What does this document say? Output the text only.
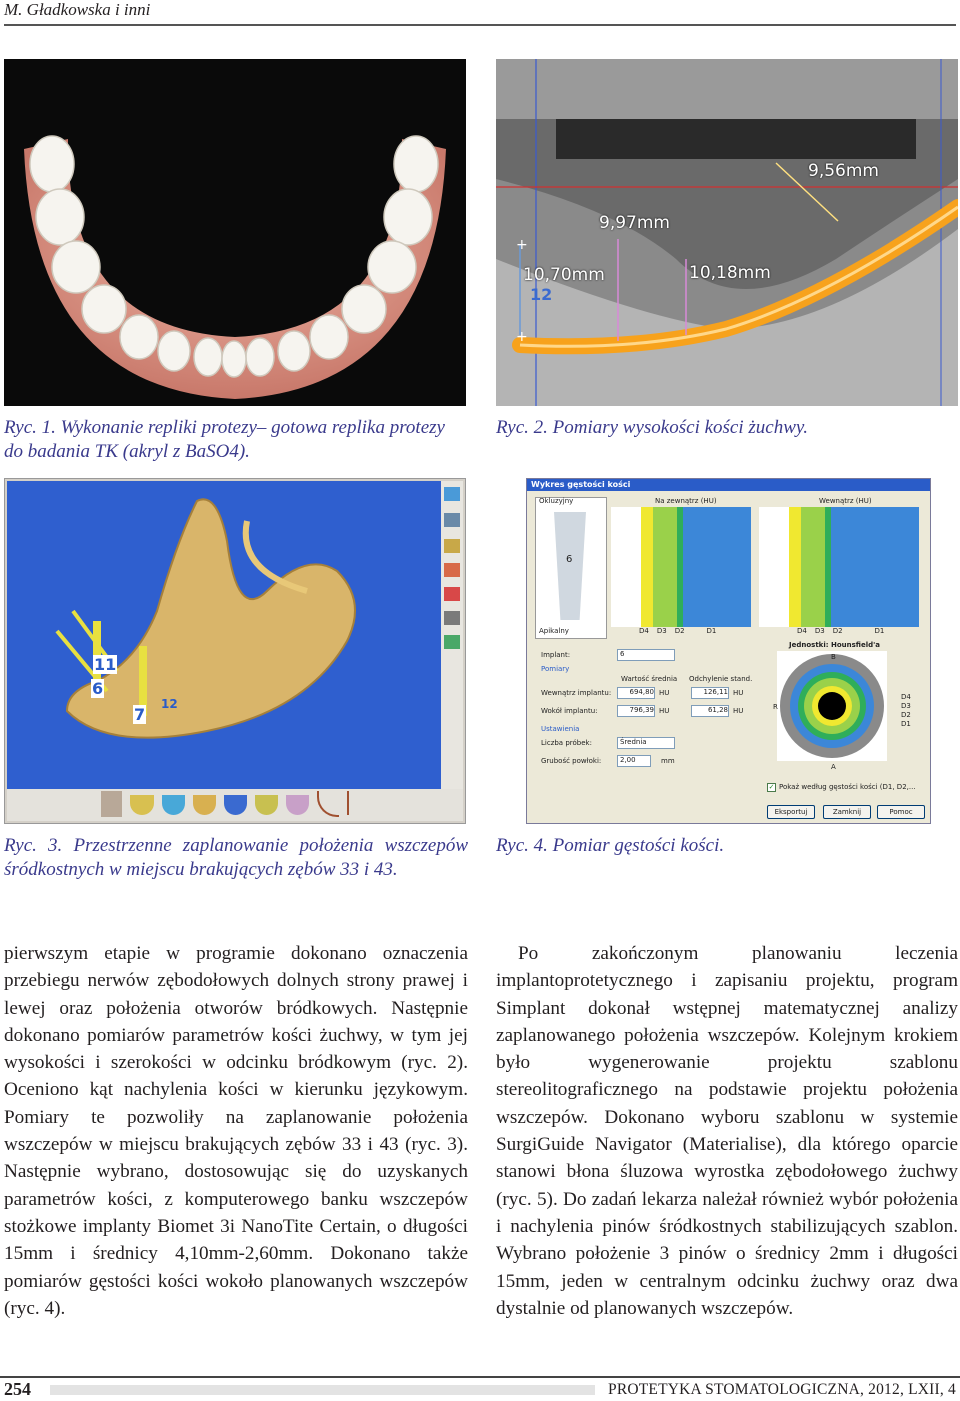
M. Gładkowska i inni
Ryc. 1. Wykonanie repliki protezy– gotowa replika protezy do badania TK (akryl z BaSO4).
+
+
9,56mm
9,97mm
10,70mm	10,18mm
12
Ryc. 2. Pomiary wysokości kości żuchwy.
11
6
7
12
Ryc. 3. Przestrzenne zaplanowanie położenia wszczepów śródkostnych w miejscu brakujących zębów 33 i 43.
Wykres gęstości kości
6
Okluzyjny
Apikalny
Na zewnątrz (HU)	Wewnątrz (HU)
D4 D3 D2	D1	D4 D3 D2	D1
Implant:	6
Pomiary
Wartość średnia Odchylenie stand.
Wewnątrz implantu:	694,80 HU	126,11 HU
Wokół implantu:	796,39 HU	61,28 HU
Ustawienia
Liczba próbek:	Średnia
Grubość powłoki:	2,00	mm
Jednostki: Hounsfield'a
B
R
A
D4
D3
D2
D1
✓ Pokaż według gęstości kości (D1, D2,...
Eksportuj	Zamknij	Pomoc
Ryc. 4. Pomiar gęstości kości.

pierwszym etapie w programie dokonano oznaczenia przebiegu nerwów zębodołowych dolnych strony prawej i lewej oraz położenia otworów bródkowych. Następnie dokonano pomiarów parametrów kości żuchwy, w tym jej wysokości i szerokości w odcinku bródkowym (ryc. 2). Oceniono kąt nachylenia kości w kierunku językowym. Pomiary te pozwoliły na zaplanowanie położenia wszczepów w miejscu brakujących zębów 33 i 43 (ryc. 3). Następnie wybrano, dostosowując się do uzyskanych parametrów kości, z komputerowego banku wszczepów stożkowe implanty Biomet 3i NanoTite Certain, o długości 15mm i średnicy 4,10mm-2,60mm. Dokonano także pomiarów gęstości kości wokoło planowanych wszczepów (ryc. 4).

Po zakończonym planowaniu leczenia implantoprotetycznego i zapisaniu projektu, program Simplant dokonał wstępnej matematycznej analizy zaplanowanego położenia wszczepów. Kolejnym krokiem było wygenerowanie projektu szablonu stereolitograficznego na podstawie projektu położenia wszczepów. Dokonano wyboru szablonu w systemie SurgiGuide Navigator (Materialise), dla którego oparcie stanowi błona śluzowa wyrostka zębodołowego żuchwy (ryc. 5). Do zadań lekarza należał również wybór położenia i nachylenia pinów śródkostnych stabilizujących szablon. Wybrano położenie 3 pinów o średnicy 2mm i długości 15mm, jeden w centralnym odcinku żuchwy oraz dwa dystalnie od planowanych wszczepów.

254	PROTETYKA STOMATOLOGICZNA, 2012, LXII, 4
